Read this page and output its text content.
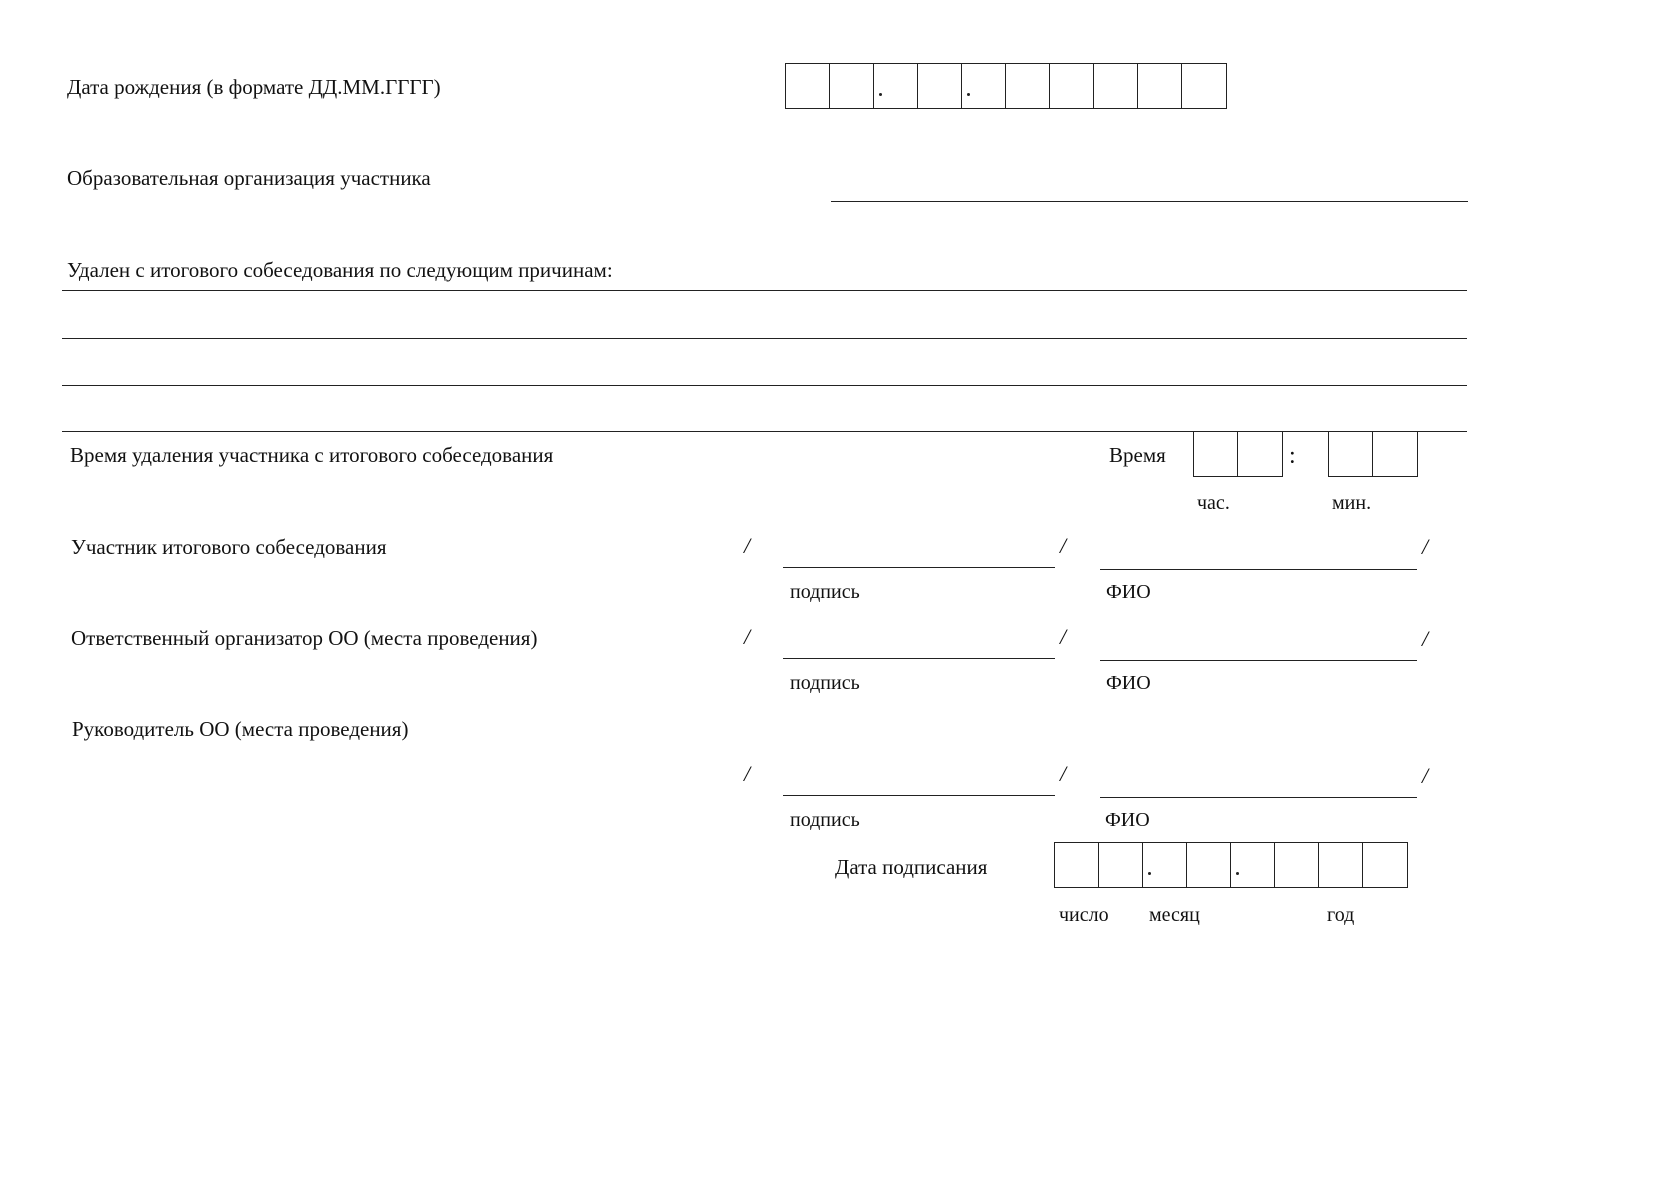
Дата рождения (в формате ДД.ММ.ГГГГ)
Образовательная организация участника
Удален с итогового собеседования по следующим причинам:
Время удаления участника с итогового собеседования	Время	:
час.	мин.
Участник итогового собеседования	/	/	/
подпись	ФИО
Ответственный организатор ОО (места проведения)	/	/	/
подпись	ФИО
Руководитель ОО (места проведения)
/	/	/
подпись	ФИО
Дата подписания
число месяц	год
